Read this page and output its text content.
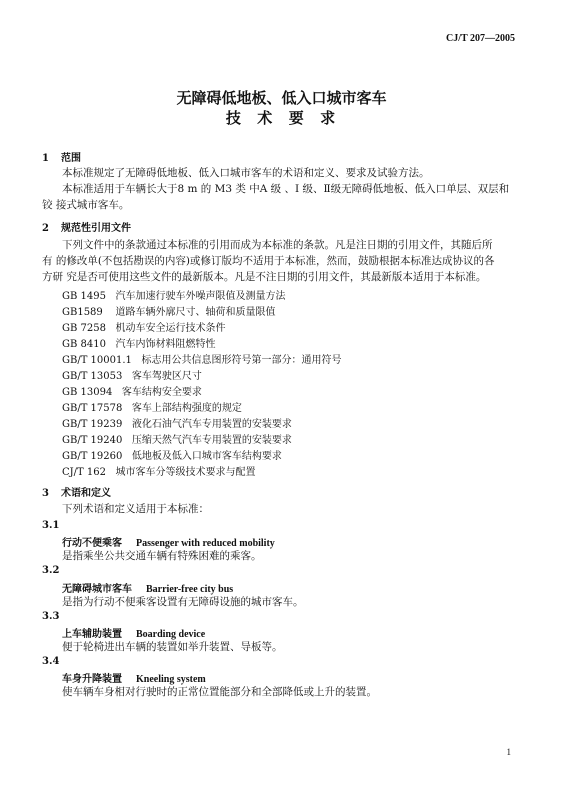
CJ/T 207—2005
无障碍低地板、低入口城市客车
技  术  要  求
1 范围
本标准规定了无障碍低地板、低入口城市客车的术语和定义、要求及试验方法。
本标准适用于车辆长大于8 m 的 M3 类 中A 级 、I 级、Ⅱ级无障碍低地板、低入口单层、双层和
铰 接式城市客车。
2 规范性引用文件
下列文件中的条款通过本标准的引用而成为本标准的条款。凡是注日期的引用文件，其随后所
有 的修改单(不包括勘误的内容)或修订版均不适用于本标准，然而，鼓励根据本标准达成协议的各
方研 究是否可使用这些文件的最新版本。凡是不注日期的引用文件，其最新版本适用于本标准。
GB 1495   汽车加速行驶车外噪声限值及测量方法
GB1589    道路车辆外廓尺寸、轴荷和质量限值
GB 7258   机动车安全运行技术条件
GB 8410   汽车内饰材料阻燃特性
GB/T 10001.1   标志用公共信息图形符号第一部分：通用符号
GB/T 13053   客车驾驶区尺寸
GB 13094   客车结构安全要求
GB/T 17578   客车上部结构强度的规定
GB/T 19239   液化石油气汽车专用装置的安装要求
GB/T 19240   压缩天然气汽车专用装置的安装要求
GB/T 19260   低地板及低入口城市客车结构要求
CJ/T 162   城市客车分等级技术要求与配置
3 术语和定义
下列术语和定义适用于本标准：
3.1
行动不便乘客 Passenger with reduced mobility
是指乘坐公共交通车辆有特殊困难的乘客。
3.2
无障碍城市客车 Barrier-free city bus
是指为行动不便乘客设置有无障碍设施的城市客车。
3.3
上车辅助装置 Boarding device
便于轮椅进出车辆的装置如举升装置、导板等。
3.4
车身升降装置 Kneeling system
使车辆车身相对行驶时的正常位置能部分和全部降低或上升的装置。
1
